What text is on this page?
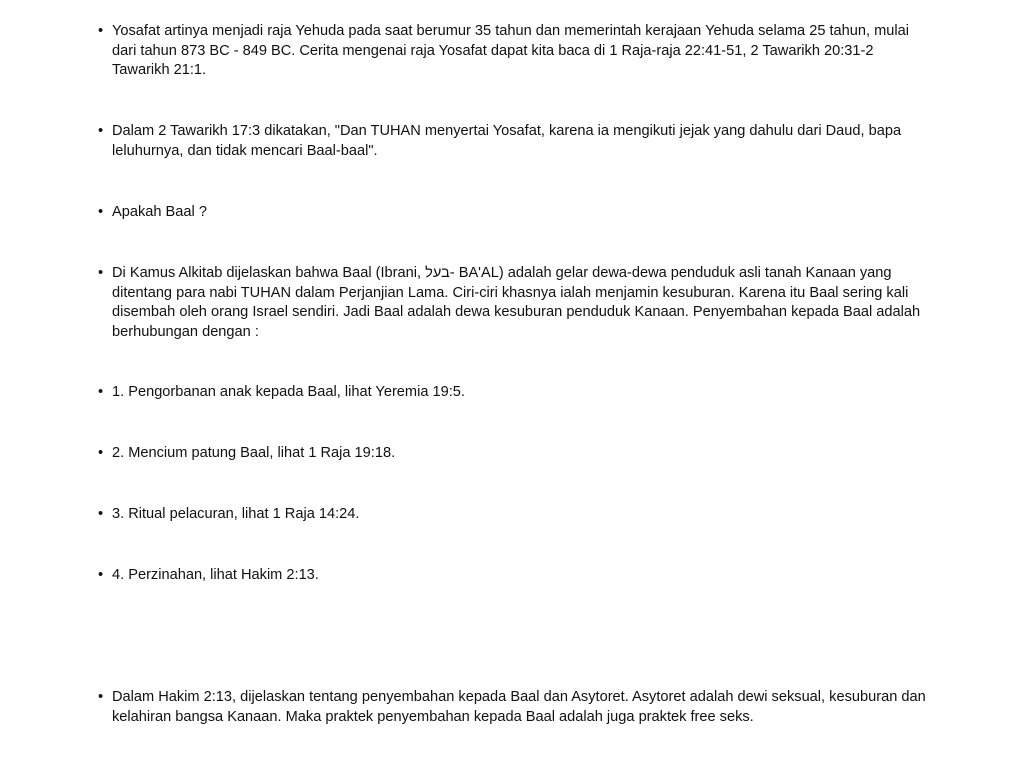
• Yosafat artinya menjadi raja Yehuda pada saat berumur 35 tahun dan memerintah kerajaan Yehuda selama 25 tahun, mulai dari tahun 873 BC - 849 BC. Cerita mengenai raja Yosafat dapat kita baca di 1 Raja-raja 22:41-51, 2 Tawarikh 20:31-2 Tawarikh 21:1.
• Dalam 2 Tawarikh 17:3 dikatakan, "Dan TUHAN menyertai Yosafat, karena ia mengikuti jejak yang dahulu dari Daud, bapa leluhurnya, dan tidak mencari Baal-baal".
• Apakah Baal ?
• Di Kamus Alkitab dijelaskan bahwa Baal (Ibrani, בעל- BA'AL) adalah gelar dewa-dewa penduduk asli tanah Kanaan yang ditentang para nabi TUHAN dalam Perjanjian Lama. Ciri-ciri khasnya ialah menjamin kesuburan. Karena itu Baal sering kali disembah oleh orang Israel sendiri. Jadi Baal adalah dewa kesuburan penduduk Kanaan. Penyembahan kepada Baal adalah berhubungan dengan :
• 1. Pengorbanan anak kepada Baal, lihat Yeremia 19:5.
• 2. Mencium patung Baal, lihat 1 Raja 19:18.
• 3. Ritual pelacuran, lihat 1 Raja 14:24.
• 4. Perzinahan, lihat Hakim 2:13.
• Dalam Hakim 2:13, dijelaskan tentang penyembahan kepada Baal dan Asytoret. Asytoret adalah dewi seksual, kesuburan dan kelahiran bangsa Kanaan. Maka praktek penyembahan kepada Baal adalah juga praktek free seks.
